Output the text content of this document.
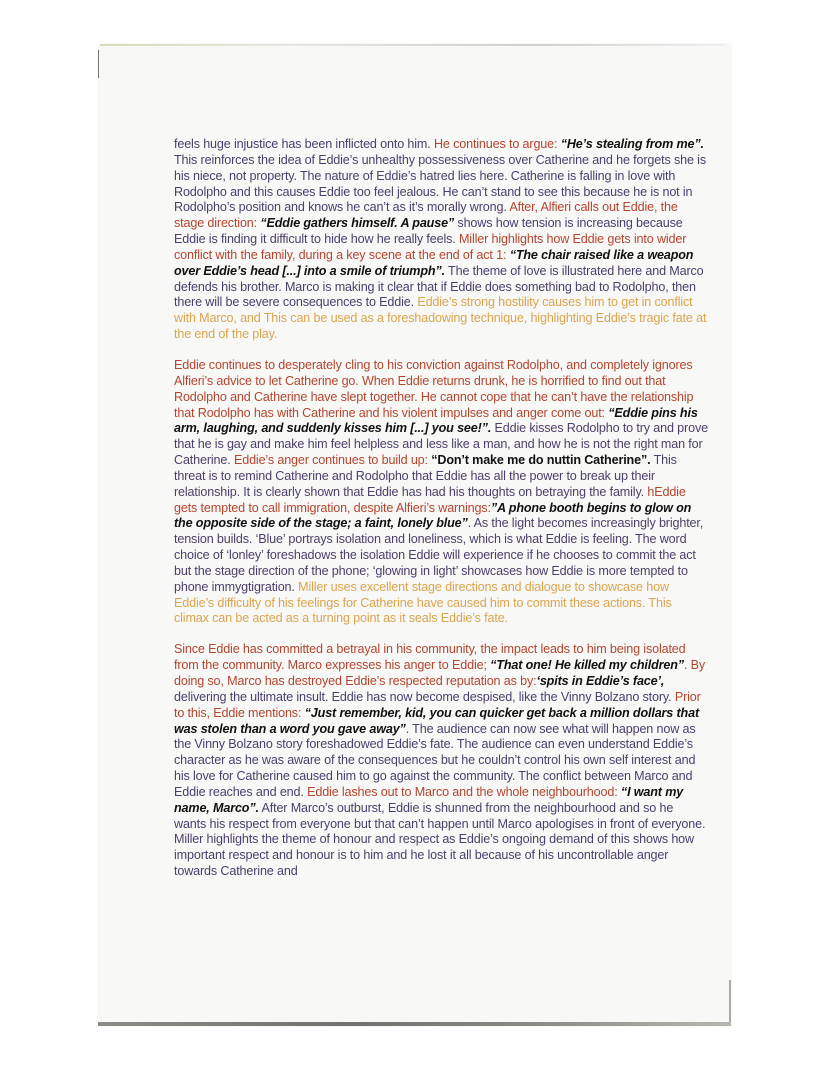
feels huge injustice has been inflicted onto him. He continues to argue: “He’s stealing from me”. This reinforces the idea of Eddie’s unhealthy possessiveness over Catherine and he forgets she is his niece, not property. The nature of Eddie’s hatred lies here. Catherine is falling in love with Rodolpho and this causes Eddie too feel jealous. He can’t stand to see this because he is not in Rodolpho’s position and knows he can’t as it’s morally wrong. After, Alfieri calls out Eddie, the stage direction: “Eddie gathers himself. A pause” shows how tension is increasing because Eddie is finding it difficult to hide how he really feels. Miller highlights how Eddie gets into wider conflict with the family, during a key scene at the end of act 1: “The chair raised like a weapon over Eddie’s head [...] into a smile of triumph”. The theme of love is illustrated here and Marco defends his brother. Marco is making it clear that if Eddie does something bad to Rodolpho, then there will be severe consequences to Eddie. Eddie’s strong hostility causes him to get in conflict with Marco, and This can be used as a foreshadowing technique, highlighting Eddie’s tragic fate at the end of the play.

Eddie continues to desperately cling to his conviction against Rodolpho, and completely ignores Alfieri’s advice to let Catherine go. When Eddie returns drunk, he is horrified to find out that Rodolpho and Catherine have slept together. He cannot cope that he can’t have the relationship that Rodolpho has with Catherine and his violent impulses and anger come out: “Eddie pins his arm, laughing, and suddenly kisses him [...] you see!”. Eddie kisses Rodolpho to try and prove that he is gay and make him feel helpless and less like a man, and how he is not the right man for Catherine. Eddie’s anger continues to build up: “Don’t make me do nuttin Catherine”. This threat is to remind Catherine and Rodolpho that Eddie has all the power to break up their relationship. It is clearly shown that Eddie has had his thoughts on betraying the family. hEddie gets tempted to call immigration, despite Alfieri’s warnings:”A phone booth begins to glow on the opposite side of the stage; a faint, lonely blue”. As the light becomes increasingly brighter, tension builds. ‘Blue’ portrays isolation and loneliness, which is what Eddie is feeling. The word choice of ‘lonley’ foreshadows the isolation Eddie will experience if he chooses to commit the act but the stage direction of the phone; ‘glowing in light’ showcases how Eddie is more tempted to phone immygtigration. Miller uses excellent stage directions and dialogue to showcase how Eddie’s difficulty of his feelings for Catherine have caused him to commit these actions. This climax can be acted as a turning point as it seals Eddie’s fate.

Since Eddie has committed a betrayal in his community, the impact leads to him being isolated from the community. Marco expresses his anger to Eddie; “That one! He killed my children”. By doing so, Marco has destroyed Eddie’s respected reputation as by:‘spits in Eddie’s face’, delivering the ultimate insult. Eddie has now become despised, like the Vinny Bolzano story. Prior to this, Eddie mentions: “Just remember, kid, you can quicker get back a million dollars that was stolen than a word you gave away”. The audience can now see what will happen now as the Vinny Bolzano story foreshadowed Eddie’s fate. The audience can even understand Eddie’s character as he was aware of the consequences but he couldn’t control his own self interest and his love for Catherine caused him to go against the community. The conflict between Marco and Eddie reaches and end. Eddie lashes out to Marco and the whole neighbourhood: “I want my name, Marco”. After Marco’s outburst, Eddie is shunned from the neighbourhood and so he wants his respect from everyone but that can’t happen until Marco apologises in front of everyone. Miller highlights the theme of honour and respect as Eddie’s ongoing demand of this shows how important respect and honour is to him and he lost it all because of his uncontrollable anger towards Catherine and
